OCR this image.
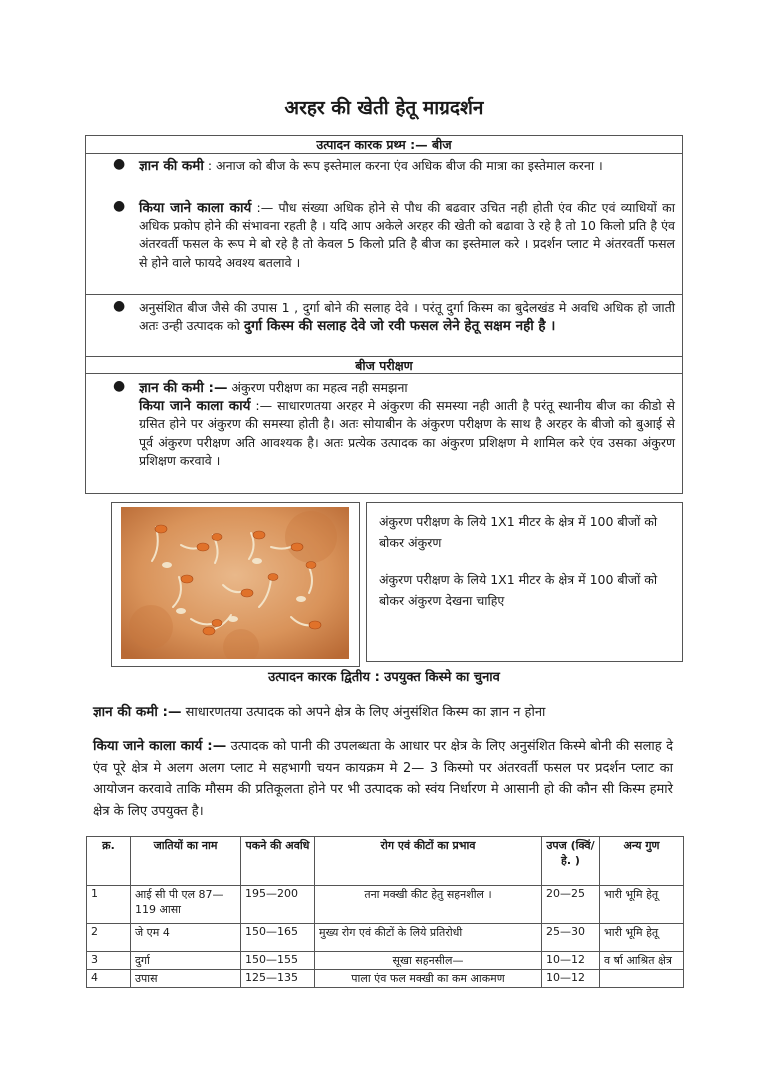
अरहर की खेती हेतू माग्रदर्शन
उत्पादन कारक प्रथ्म :— बीज
● ज्ञान की कमी : अनाज को बीज के रूप इस्तेमाल करना एंव अधिक बीज की मात्रा का इस्तेमाल करना ।
● किया जाने काला कार्य :— पौध संख्या अधिक होने से पौध की बढवार उचित नही होती एंव कीट एवं व्याधियों का अधिक प्रकोप होने की संभावना रहती है । यदि आप अकेले अरहर की खेती को बढावा उे रहे है तो 10 किलो प्रति है एंव अंतरवर्ती फसल के रूप मे बो रहे है तो केवल 5 किलो प्रति है बीज का इस्तेमाल करे । प्रदर्शन प्लाट मे अंतरवर्ती फसल से होने वाले फायदे अवश्य बतलावे ।
● अनुसंशित बीज जैसे की उपास 1 , दुर्गा बोने की सलाह देवे । परंतू दुर्गा किस्म का बुदेलखंड मे अवधि अधिक हो जाती अतः उन्ही उत्पादक को दुर्गा किस्म की सलाह देवे जो रवी फसल लेने हेतू सक्षम नही है ।
बीज परीक्षण
● ज्ञान की कमी :— अंकुरण परीक्षण का महत्व नही समझना
किया जाने काला कार्य :— साधारणतया अरहर मे अंकुरण की समस्या नही आती है परंतू स्थानीय बीज का कीडो से ग्रसित होने पर अंकुरण की समस्या होती है। अतः सोयाबीन के अंकुरण परीक्षण के साथ है अरहर के बीजो को बुआई से पूर्व अंकुरण परीक्षण अति आवश्यक है। अतः प्रत्येक उत्पादक का अंकुरण प्रशिक्षण मे शामिल करे एंव उसका अंकुरण प्रशिक्षण करवावे ।

अंकुरण परीक्षण के लिये 1X1 मीटर के क्षेत्र में 100 बीजों को बोकर अंकुरण

अंकुरण परीक्षण के लिये 1X1 मीटर के क्षेत्र में 100 बीजों को बोकर अंकुरण देखना चाहिए

उत्पादन कारक द्वितीय : उपयुक्त किस्मे का चुनाव
ज्ञान की कमी :— साधारणतया उत्पादक को अपने क्षेत्र के लिए अंनुसंशित किस्म का ज्ञान न होना
किया जाने काला कार्य :— उत्पादक को पानी की उपलब्धता के आधार पर क्षेत्र के लिए अनुसंशित किस्मे बोनी की सलाह दे एंव पूरे क्षेत्र मे अलग अलग प्लाट मे सहभागी चयन कायक्रम मे 2— 3 किस्मो पर अंतरवर्ती फसल पर प्रदर्शन प्लाट का आयोजन करवावे ताकि मौसम की प्रतिकूलता होने पर भी उत्पादक को स्वंय निर्धारण मे आसानी हो की कौन सी किस्म हमारे क्षेत्र के लिए उपयुक्त है।
क्र.	जातियों का नाम	पकने की अवधि	रोग एवं कीटों का प्रभाव	उपज (क्विं/हे. )	अन्य गुण
1	आई सी पी एल 87—119 आसा	195—200	तना मक्खी कीट हेतु सहनशील ।	20—25	भारी भूमि हेतू
2	जे एम 4	150—165	मुख्य रोग एवं कीटों के लिये प्रतिरोधी	25—30	भारी भूमि हेतू
3	दुर्गा	150—155	सूखा सहनसील—	10—12	व र्षा आश्रित क्षेत्र
4	उपास	125—135	पाला एंव फल मक्खी का कम आकमण	10—12	
